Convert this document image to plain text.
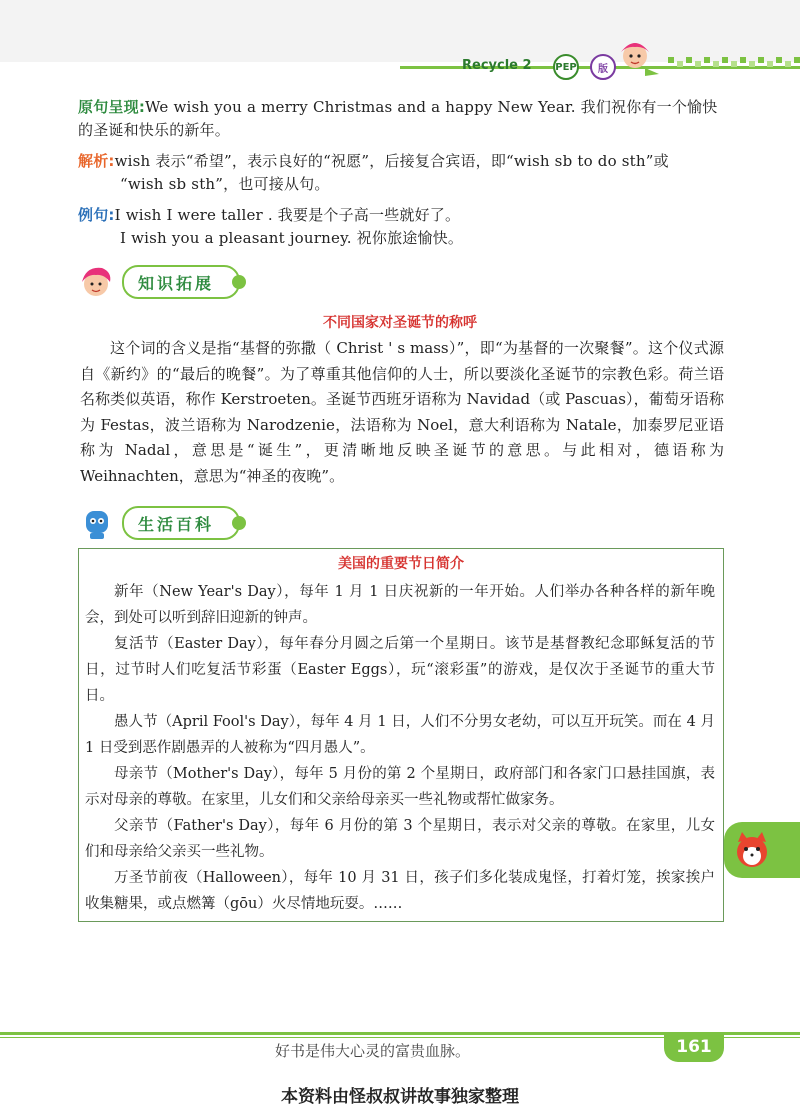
Recycle 2 PEP	版
原句呈现:We wish you a merry Christmas and a happy New Year. 我们祝你有一个愉快
的圣诞和快乐的新年。
解析:wish 表示“希望”，表示良好的“祝愿”，后接复合宾语，即“wish sb to do sth”或
“wish sb sth”，也可接从句。
例句:I wish I were taller . 我要是个子高一些就好了。
I wish you a pleasant journey. 祝你旅途愉快。
知识拓展
不同国家对圣诞节的称呼
这个词的含义是指“基督的弥撒（ Christ ' s mass）”，即“为基督的一次聚餐”。这个仪式源自《新约》的“最后的晚餐”。为了尊重其他信仰的人士，所以要淡化圣诞节的宗教色彩。荷兰语名称类似英语，称作 Kerstroeten。圣诞节西班牙语称为 Navidad（或 Pascuas），葡萄牙语称为 Festas，波兰语称为 Narodzenie，法语称为 Noel，意大利语称为 Natale，加泰罗尼亚语称为 Nadal，意思是“诞生”，更清晰地反映圣诞节的意思。与此相对，德语称为 Weihnachten，意思为“神圣的夜晚”。
生活百科
美国的重要节日简介

新年（New Year's Day），每年 1 月 1 日庆祝新的一年开始。人们举办各种各样的新年晚会，到处可以听到辞旧迎新的钟声。

复活节（Easter Day），每年春分月圆之后第一个星期日。该节是基督教纪念耶稣复活的节日，过节时人们吃复活节彩蛋（Easter Eggs），玩“滚彩蛋”的游戏，是仅次于圣诞节的重大节日。

愚人节（April Fool's Day），每年 4 月 1 日，人们不分男女老幼，可以互开玩笑。而在 4 月 1 日受到恶作剧愚弄的人被称为“四月愚人”。

母亲节（Mother's Day），每年 5 月份的第 2 个星期日，政府部门和各家门口悬挂国旗，表示对母亲的尊敬。在家里，儿女们和父亲给母亲买一些礼物或帮忙做家务。

父亲节（Father's Day），每年 6 月份的第 3 个星期日，表示对父亲的尊敬。在家里，儿女们和母亲给父亲买一些礼物。

万圣节前夜（Halloween），每年 10 月 31 日，孩子们多化装成鬼怪，打着灯笼，挨家挨户收集糖果，或点燃篝（gōu）火尽情地玩耍。……

好书是伟大心灵的富贵血脉。	161
本资料由怪叔叔讲故事独家整理
